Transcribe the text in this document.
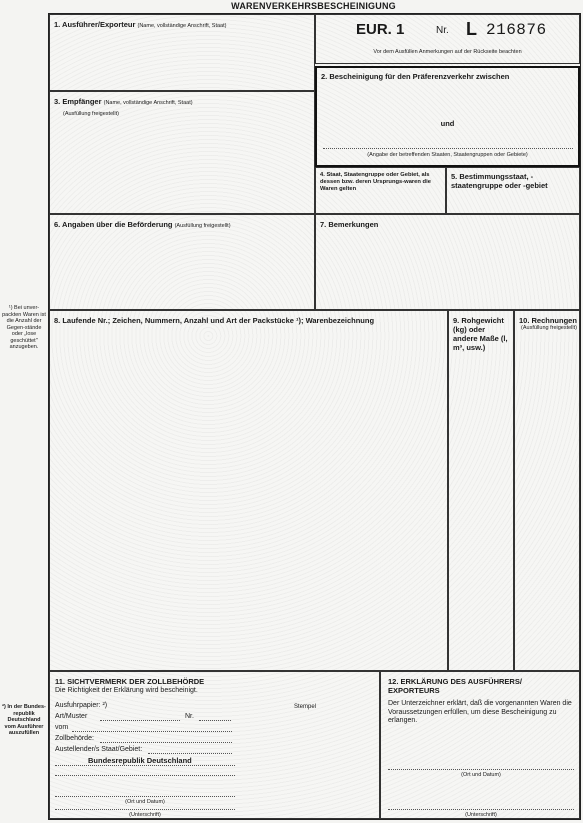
WARENVERKEHRSBESCHEINIGUNG
¹) Bei unver-packten Waren ist die Anzahl der Gegen-stände oder „lose geschüttet" anzugeben.
²) In der Bundes-republik Deutschland vom Ausführer auszufüllen
1. Ausführer/Exporteur (Name, vollständige Anschrift, Staat)	EUR. 1	Nr. L 216876
Vor dem Ausfüllen Anmerkungen auf der Rückseite beachten
2. Bescheinigung für den Präferenzverkehr zwischen
und
(Angabe der betreffenden Staaten, Staatengruppen oder Gebiete)
3. Empfänger (Name, vollständige Anschrift, Staat)
(Ausfüllung freigestellt)
4. Staat, Staatengruppe oder Gebiet, als dessen bzw. deren Ursprungs-waren die Waren gelten
5. Bestimmungsstaat, -staatengruppe oder -gebiet
6. Angaben über die Beförderung (Ausfüllung freigestellt)	7. Bemerkungen
8. Laufende Nr.; Zeichen, Nummern, Anzahl und Art der Packstücke ¹); Warenbezeichnung	9. Rohgewicht (kg) oder andere Maße (l, m³, usw.)
10. Rechnungen
(Ausfüllung freigestellt)
11. SICHTVERMERK DER ZOLLBEHÖRDE
Die Richtigkeit der Erklärung wird bescheinigt.
Stempel
Ausfuhrpapier: ²)
Art/Muster	Nr.
vom
Zollbehörde:
Austellender/s Staat/Gebiet:
Bundesrepublik Deutschland
(Ort und Datum)
(Unterschrift)
12. ERKLÄRUNG DES AUSFÜHRERS/ EXPORTEURS
Der Unterzeichner erklärt, daß die vorgenannten Waren die Voraussetzungen erfüllen, um diese Bescheinigung zu erlangen.
(Ort und Datum)
(Unterschrift)
